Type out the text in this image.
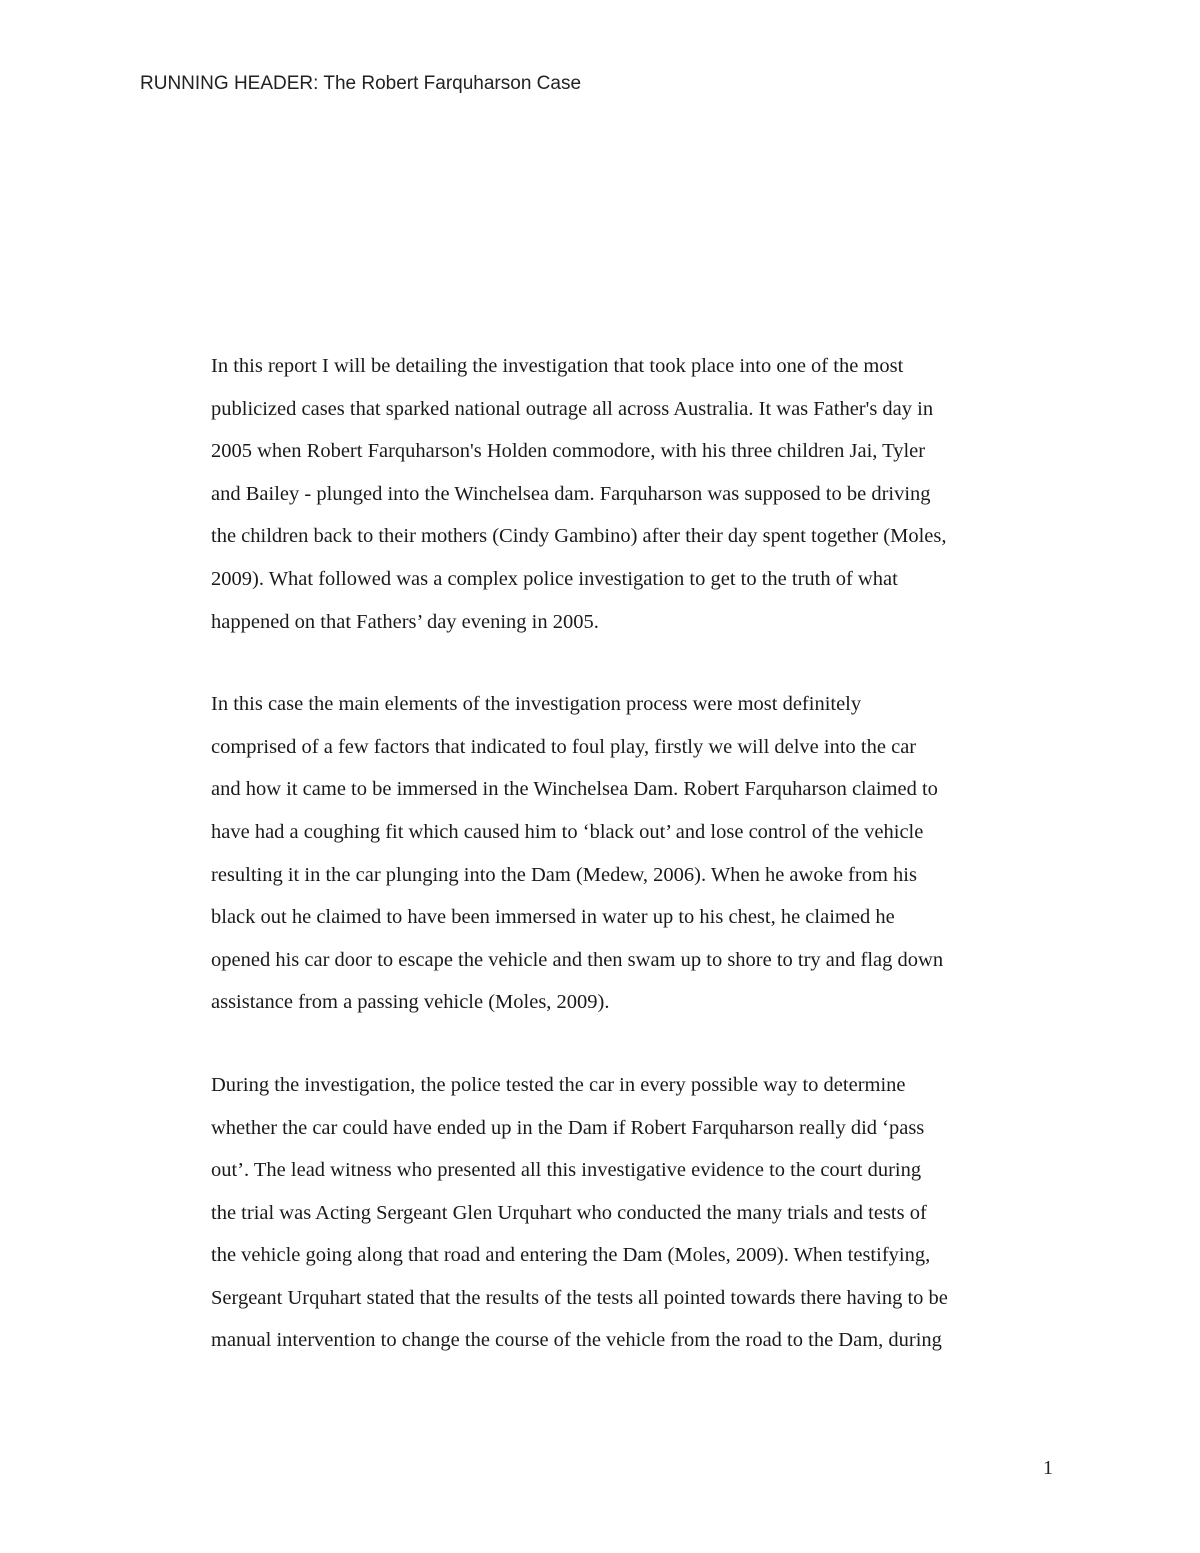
RUNNING HEADER: The Robert Farquharson Case
In this report I will be detailing the investigation that took place into one of the most
publicized cases that sparked national outrage all across Australia. It was Father's day in
2005 when Robert Farquharson's Holden commodore, with his three children Jai, Tyler
and Bailey - plunged into the Winchelsea dam. Farquharson was supposed to be driving
the children back to their mothers (Cindy Gambino) after their day spent together (Moles,
2009). What followed was a complex police investigation to get to the truth of what
happened on that Fathers’ day evening in 2005.
In this case the main elements of the investigation process were most definitely
comprised of a few factors that indicated to foul play, firstly we will delve into the car
and how it came to be immersed in the Winchelsea Dam. Robert Farquharson claimed to
have had a coughing fit which caused him to ‘black out’ and lose control of the vehicle
resulting it in the car plunging into the Dam (Medew, 2006). When he awoke from his
black out he claimed to have been immersed in water up to his chest, he claimed he
opened his car door to escape the vehicle and then swam up to shore to try and flag down
assistance from a passing vehicle (Moles, 2009).
During the investigation, the police tested the car in every possible way to determine
whether the car could have ended up in the Dam if Robert Farquharson really did ‘pass
out’. The lead witness who presented all this investigative evidence to the court during
the trial was Acting Sergeant Glen Urquhart who conducted the many trials and tests of
the vehicle going along that road and entering the Dam (Moles, 2009). When testifying,
Sergeant Urquhart stated that the results of the tests all pointed towards there having to be
manual intervention to change the course of the vehicle from the road to the Dam, during
1
